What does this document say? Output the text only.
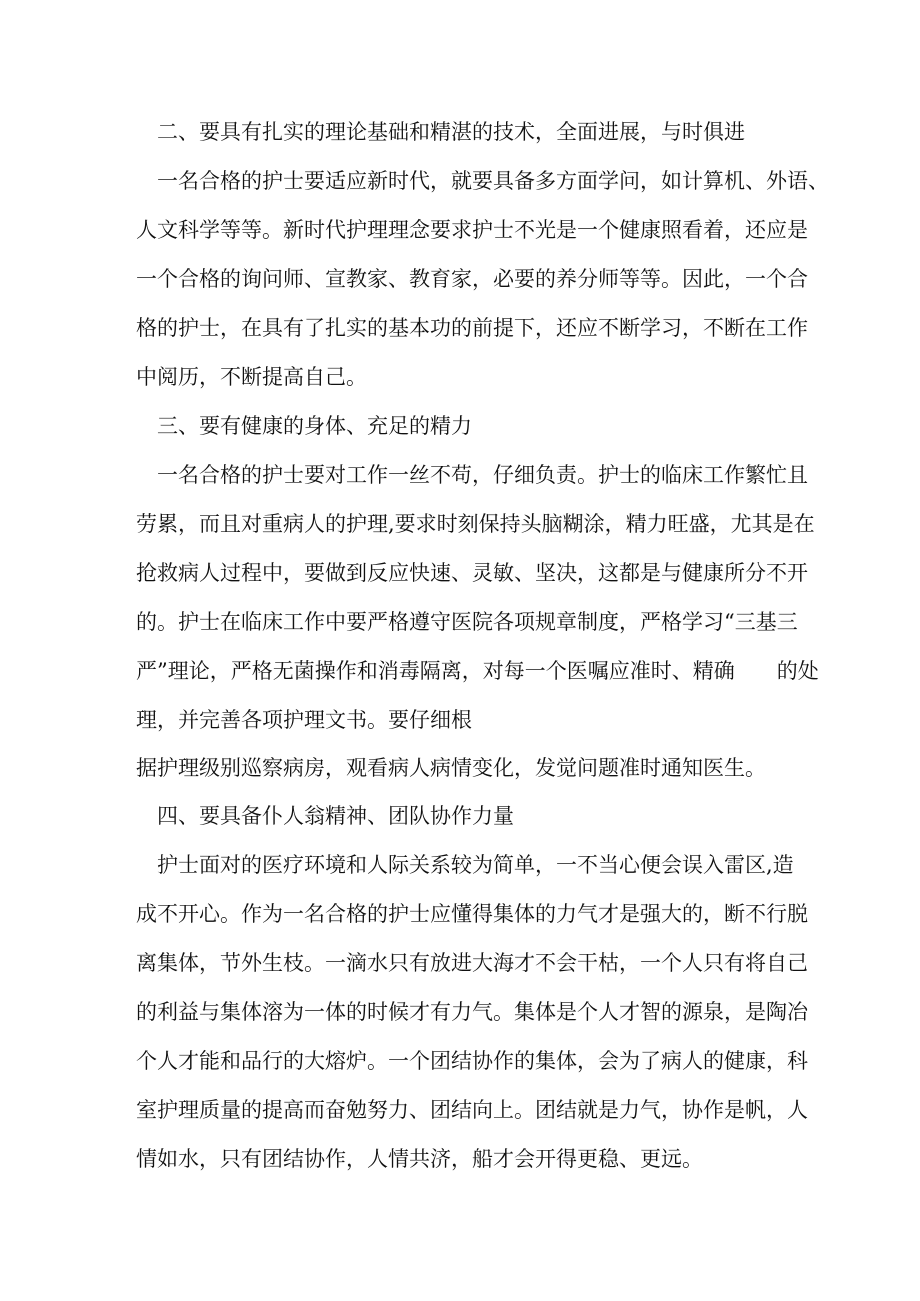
二、要具有扎实的理论基础和精湛的技术，全面进展，与时俱进

一名合格的护士要适应新时代，就要具备多方面学问，如计算机、外语、

人文科学等等。新时代护理理念要求护士不光是一个健康照看着，还应是

一个合格的询问师、宣教家、教育家，必要的养分师等等。因此，一个合

格的护士，在具有了扎实的基本功的前提下，还应不断学习，不断在工作

中阅历，不断提高自己。

三、要有健康的身体、充足的精力

一名合格的护士要对工作一丝不苟，仔细负责。护士的临床工作繁忙且

劳累，而且对重病人的护理,要求时刻保持头脑糊涂，精力旺盛，尤其是在

抢救病人过程中，要做到反应快速、灵敏、坚决，这都是与健康所分不开

的。护士在临床工作中要严格遵守医院各项规章制度，严格学习“三基三

严”理论，严格无菌操作和消毒隔离，对每一个医嘱应准时、精确　　的处

理，并完善各项护理文书。要仔细根

据护理级别巡察病房，观看病人病情变化，发觉问题准时通知医生。

四、要具备仆人翁精神、团队协作力量

护士面对的医疗环境和人际关系较为简单，一不当心便会误入雷区,造

成不开心。作为一名合格的护士应懂得集体的力气才是强大的，断不行脱

离集体，节外生枝。一滴水只有放进大海才不会干枯，一个人只有将自己

的利益与集体溶为一体的时候才有力气。集体是个人才智的源泉，是陶冶

个人才能和品行的大熔炉。一个团结协作的集体，会为了病人的健康，科

室护理质量的提高而奋勉努力、团结向上。团结就是力气，协作是帆，人

情如水，只有团结协作，人情共济，船才会开得更稳、更远。
